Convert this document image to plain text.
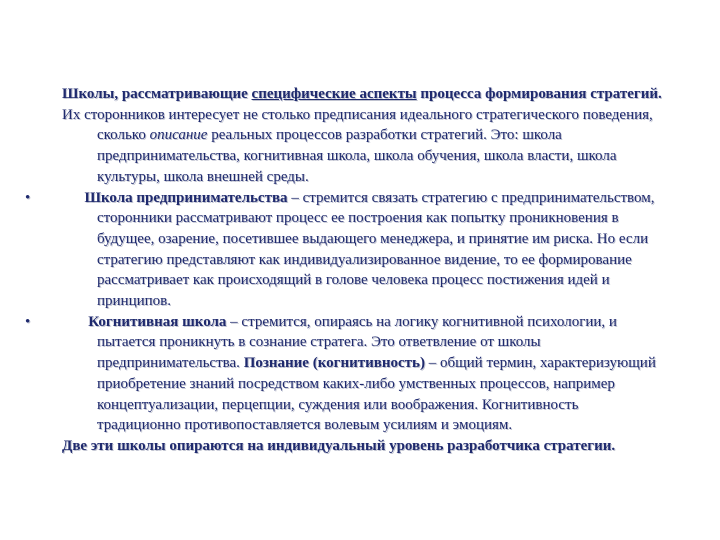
Школы, рассматривающие специфические аспекты процесса формирования стратегий.

Их сторонников интересует не столько предписания идеального стратегического поведения, сколько описание реальных процессов разработки стратегий. Это: школа предпринимательства, когнитивная школа, школа обучения, школа власти, школа культуры, школа внешней среды.

•	Школа предпринимательства – стремится связать стратегию с предпринимательством, сторонники рассматривают процесс ее построения как попытку проникновения в будущее, озарение, посетившее выдающего менеджера, и принятие им риска. Но если стратегию представляют как индивидуализированное видение, то ее формирование рассматривает как происходящий в голове человека процесс постижения идей и принципов.

•	Когнитивная школа – стремится, опираясь на логику когнитивной психологии, и пытается проникнуть в сознание стратега. Это ответвление от школы предпринимательства. Познание (когнитивность) – общий термин, характеризующий приобретение знаний посредством каких-либо умственных процессов, например концептуализации, перцепции, суждения или воображения. Когнитивность традиционно противопоставляется волевым усилиям и эмоциям.

Две эти школы опираются на индивидуальный уровень разработчика стратегии.
